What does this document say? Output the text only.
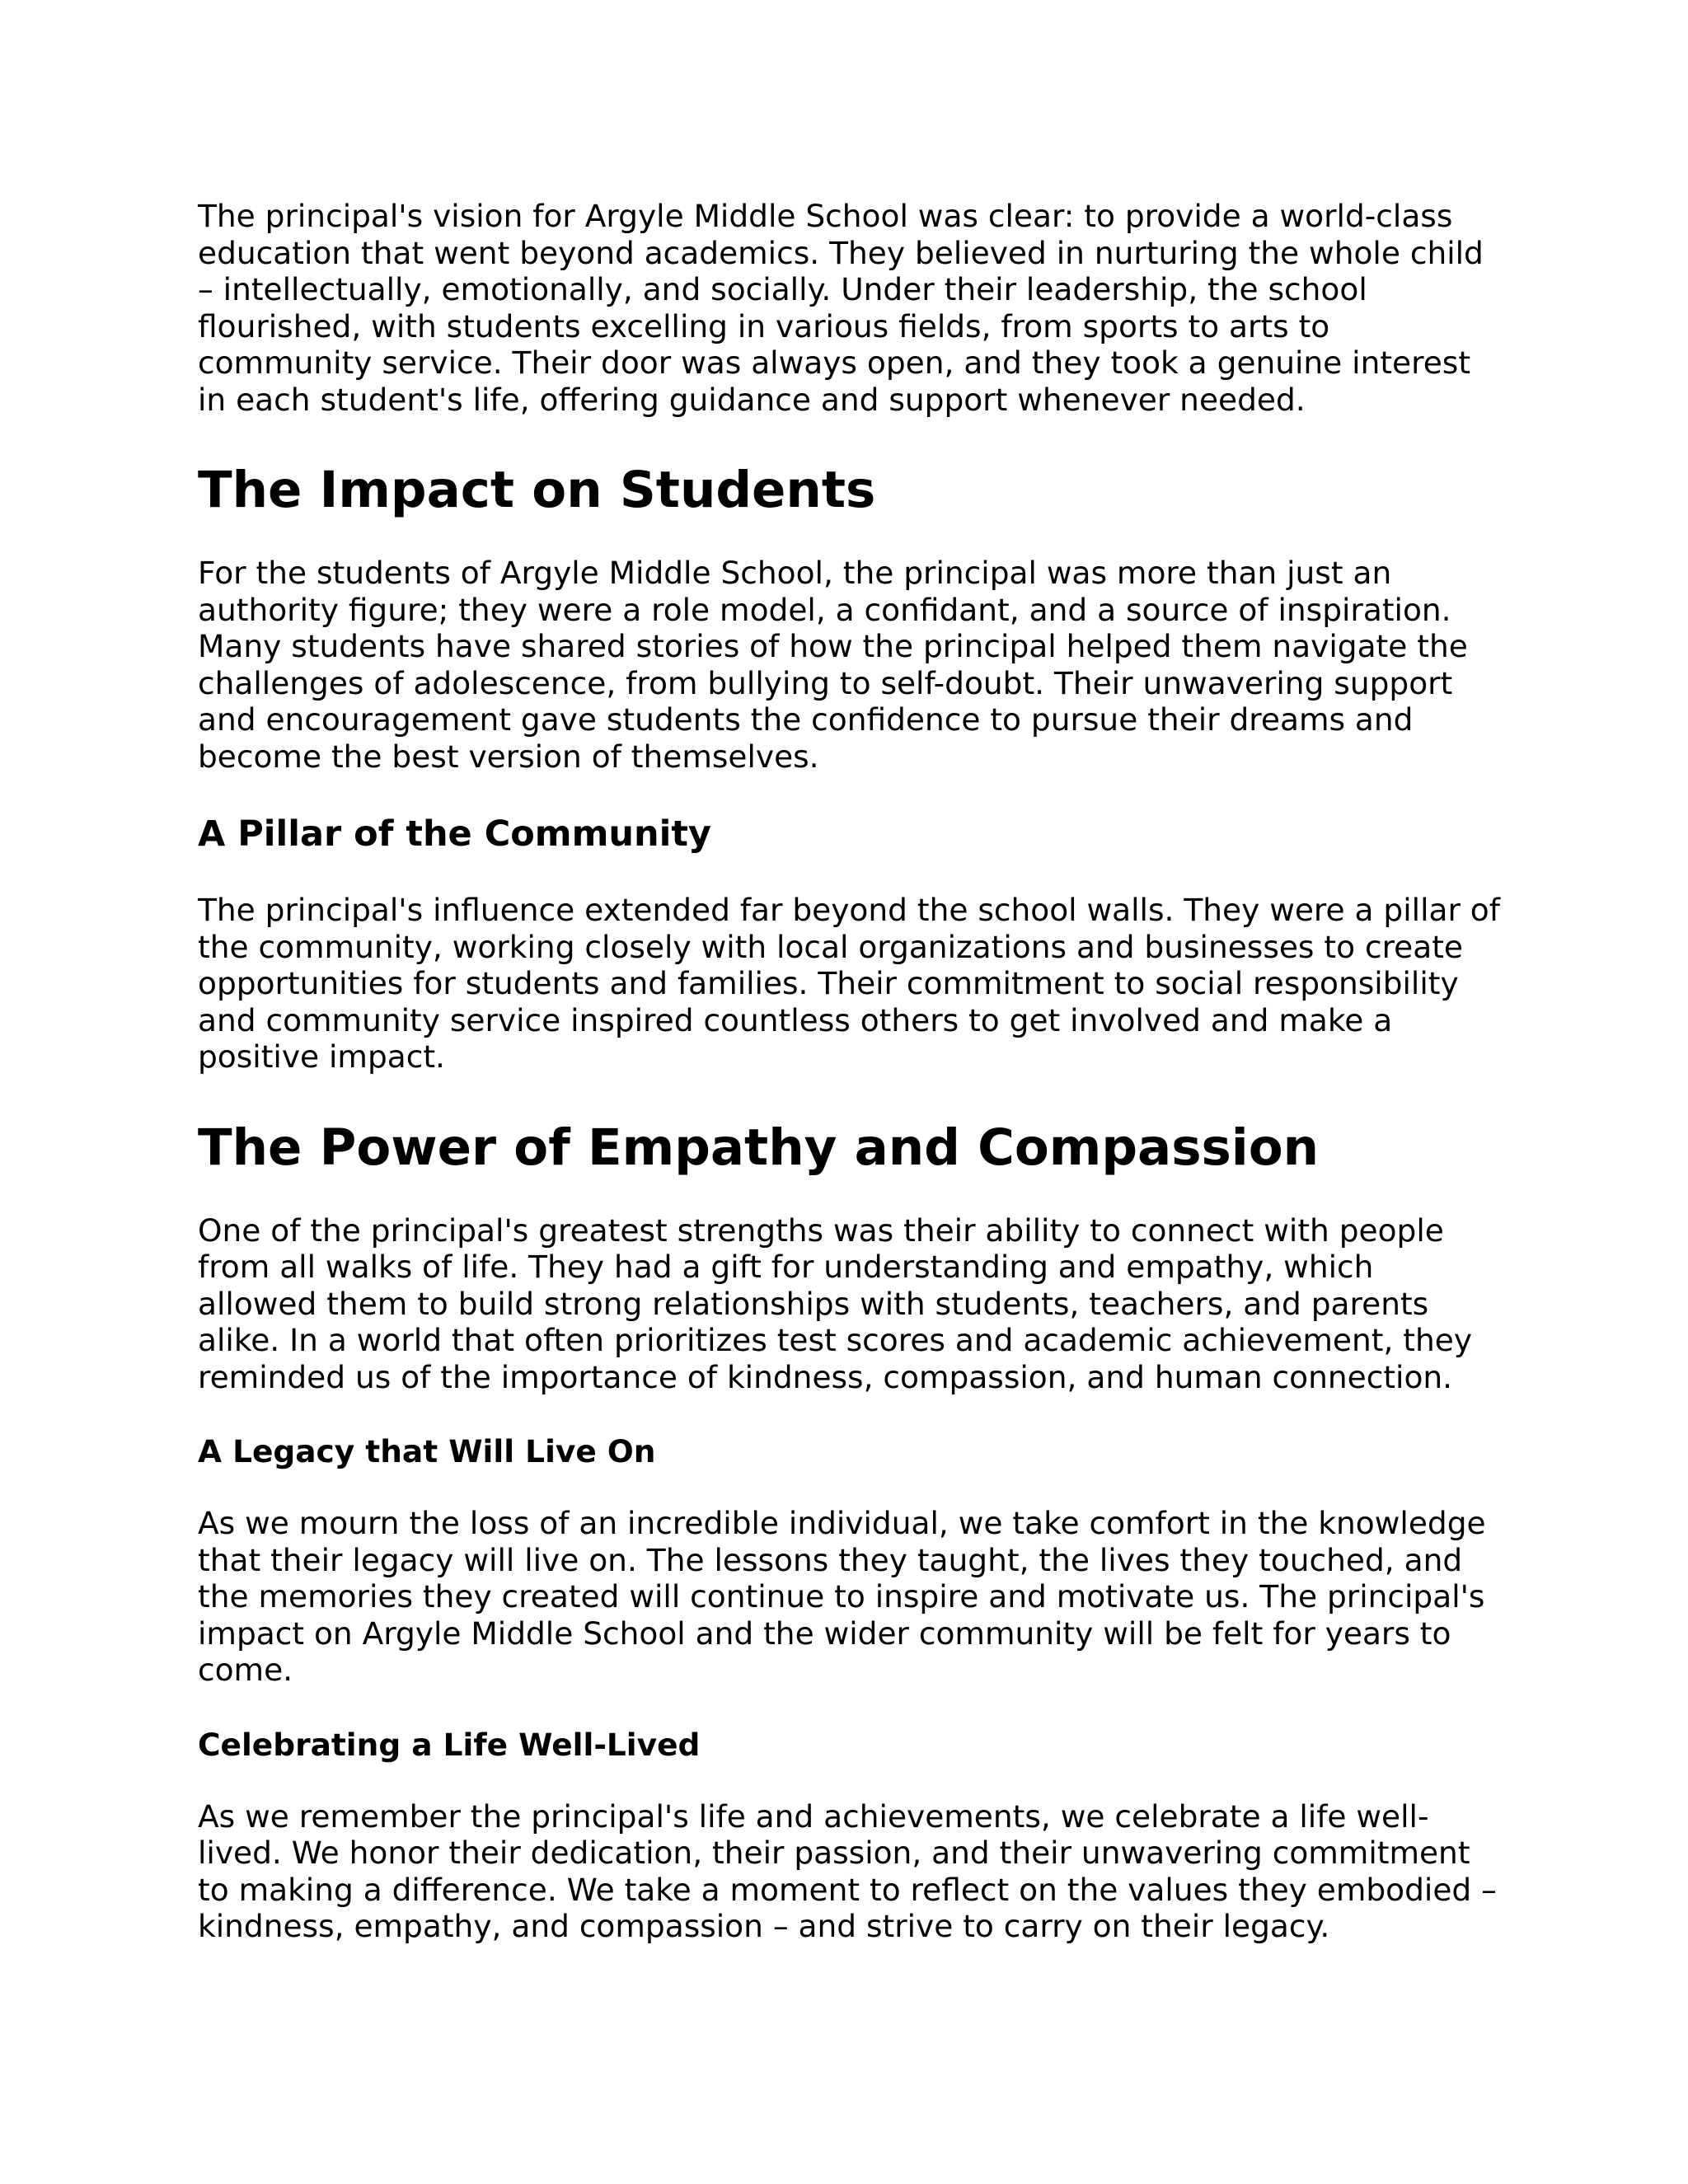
The principal's vision for Argyle Middle School was clear: to provide a world-class education that went beyond academics. They believed in nurturing the whole child – intellectually, emotionally, and socially. Under their leadership, the school flourished, with students excelling in various fields, from sports to arts to community service. Their door was always open, and they took a genuine interest in each student's life, offering guidance and support whenever needed.

The Impact on Students

For the students of Argyle Middle School, the principal was more than just an authority figure; they were a role model, a confidant, and a source of inspiration. Many students have shared stories of how the principal helped them navigate the challenges of adolescence, from bullying to self-doubt. Their unwavering support and encouragement gave students the confidence to pursue their dreams and become the best version of themselves.

A Pillar of the Community

The principal's influence extended far beyond the school walls. They were a pillar of the community, working closely with local organizations and businesses to create opportunities for students and families. Their commitment to social responsibility and community service inspired countless others to get involved and make a positive impact.

The Power of Empathy and Compassion

One of the principal's greatest strengths was their ability to connect with people from all walks of life. They had a gift for understanding and empathy, which allowed them to build strong relationships with students, teachers, and parents alike. In a world that often prioritizes test scores and academic achievement, they reminded us of the importance of kindness, compassion, and human connection.

A Legacy that Will Live On

As we mourn the loss of an incredible individual, we take comfort in the knowledge that their legacy will live on. The lessons they taught, the lives they touched, and the memories they created will continue to inspire and motivate us. The principal's impact on Argyle Middle School and the wider community will be felt for years to come.

Celebrating a Life Well-Lived

As we remember the principal's life and achievements, we celebrate a life well-lived. We honor their dedication, their passion, and their unwavering commitment to making a difference. We take a moment to reflect on the values they embodied – kindness, empathy, and compassion – and strive to carry on their legacy.
